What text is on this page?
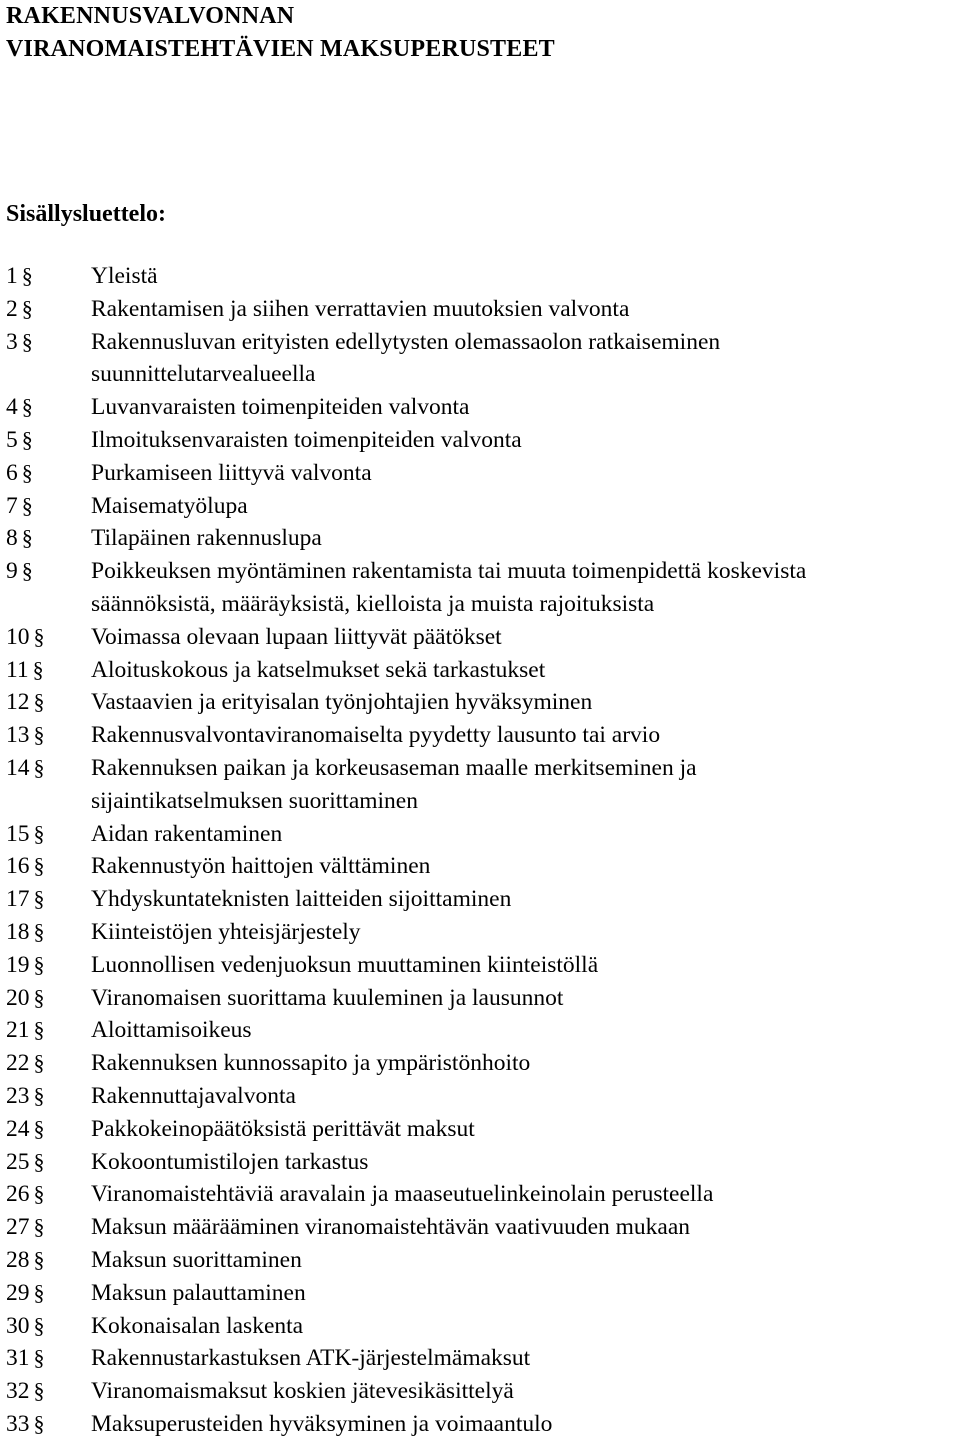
RAKENNUSVALVONNAN
VIRANOMAISTEHTÄVIEN MAKSUPERUSTEET
Sisällysluettelo:
1 § Yleistä
2 § Rakentamisen ja siihen verrattavien muutoksien valvonta
3 § Rakennusluvan erityisten edellytysten olemassaolon ratkaiseminen
suunnittelutarvealueella
4 § Luvanvaraisten toimenpiteiden valvonta
5 § Ilmoituksenvaraisten toimenpiteiden valvonta
6 § Purkamiseen liittyvä valvonta
7 § Maisematyölupa
8 § Tilapäinen rakennuslupa
9 § Poikkeuksen myöntäminen rakentamista tai muuta toimenpidettä koskevista
säännöksistä, määräyksistä, kielloista ja muista rajoituksista
10 § Voimassa olevaan lupaan liittyvät päätökset
11 § Aloituskokous ja katselmukset sekä tarkastukset
12 § Vastaavien ja erityisalan työnjohtajien hyväksyminen
13 § Rakennusvalvontaviranomaiselta pyydetty lausunto tai arvio
14 § Rakennuksen paikan ja korkeusaseman maalle merkitseminen ja
sijaintikatselmuksen suorittaminen
15 § Aidan rakentaminen
16 § Rakennustyön haittojen välttäminen
17 § Yhdyskuntateknisten laitteiden sijoittaminen
18 § Kiinteistöjen yhteisjärjestely
19 § Luonnollisen vedenjuoksun muuttaminen kiinteistöllä
20 § Viranomaisen suorittama kuuleminen ja lausunnot
21 § Aloittamisoikeus
22 § Rakennuksen kunnossapito ja ympäristönhoito
23 § Rakennuttajavalvonta
24 § Pakkokeinopäätöksistä perittävät maksut
25 § Kokoontumistilojen tarkastus
26 § Viranomaistehtäviä aravalain ja maaseutuelinkeinolain perusteella
27 § Maksun määrääminen viranomaistehtävän vaativuuden mukaan
28 § Maksun suorittaminen
29 § Maksun palauttaminen
30 § Kokonaisalan laskenta
31 § Rakennustarkastuksen ATK-järjestelmämaksut
32 § Viranomaismaksut koskien jätevesikäsittelyä
33 § Maksuperusteiden hyväksyminen ja voimaantulo
